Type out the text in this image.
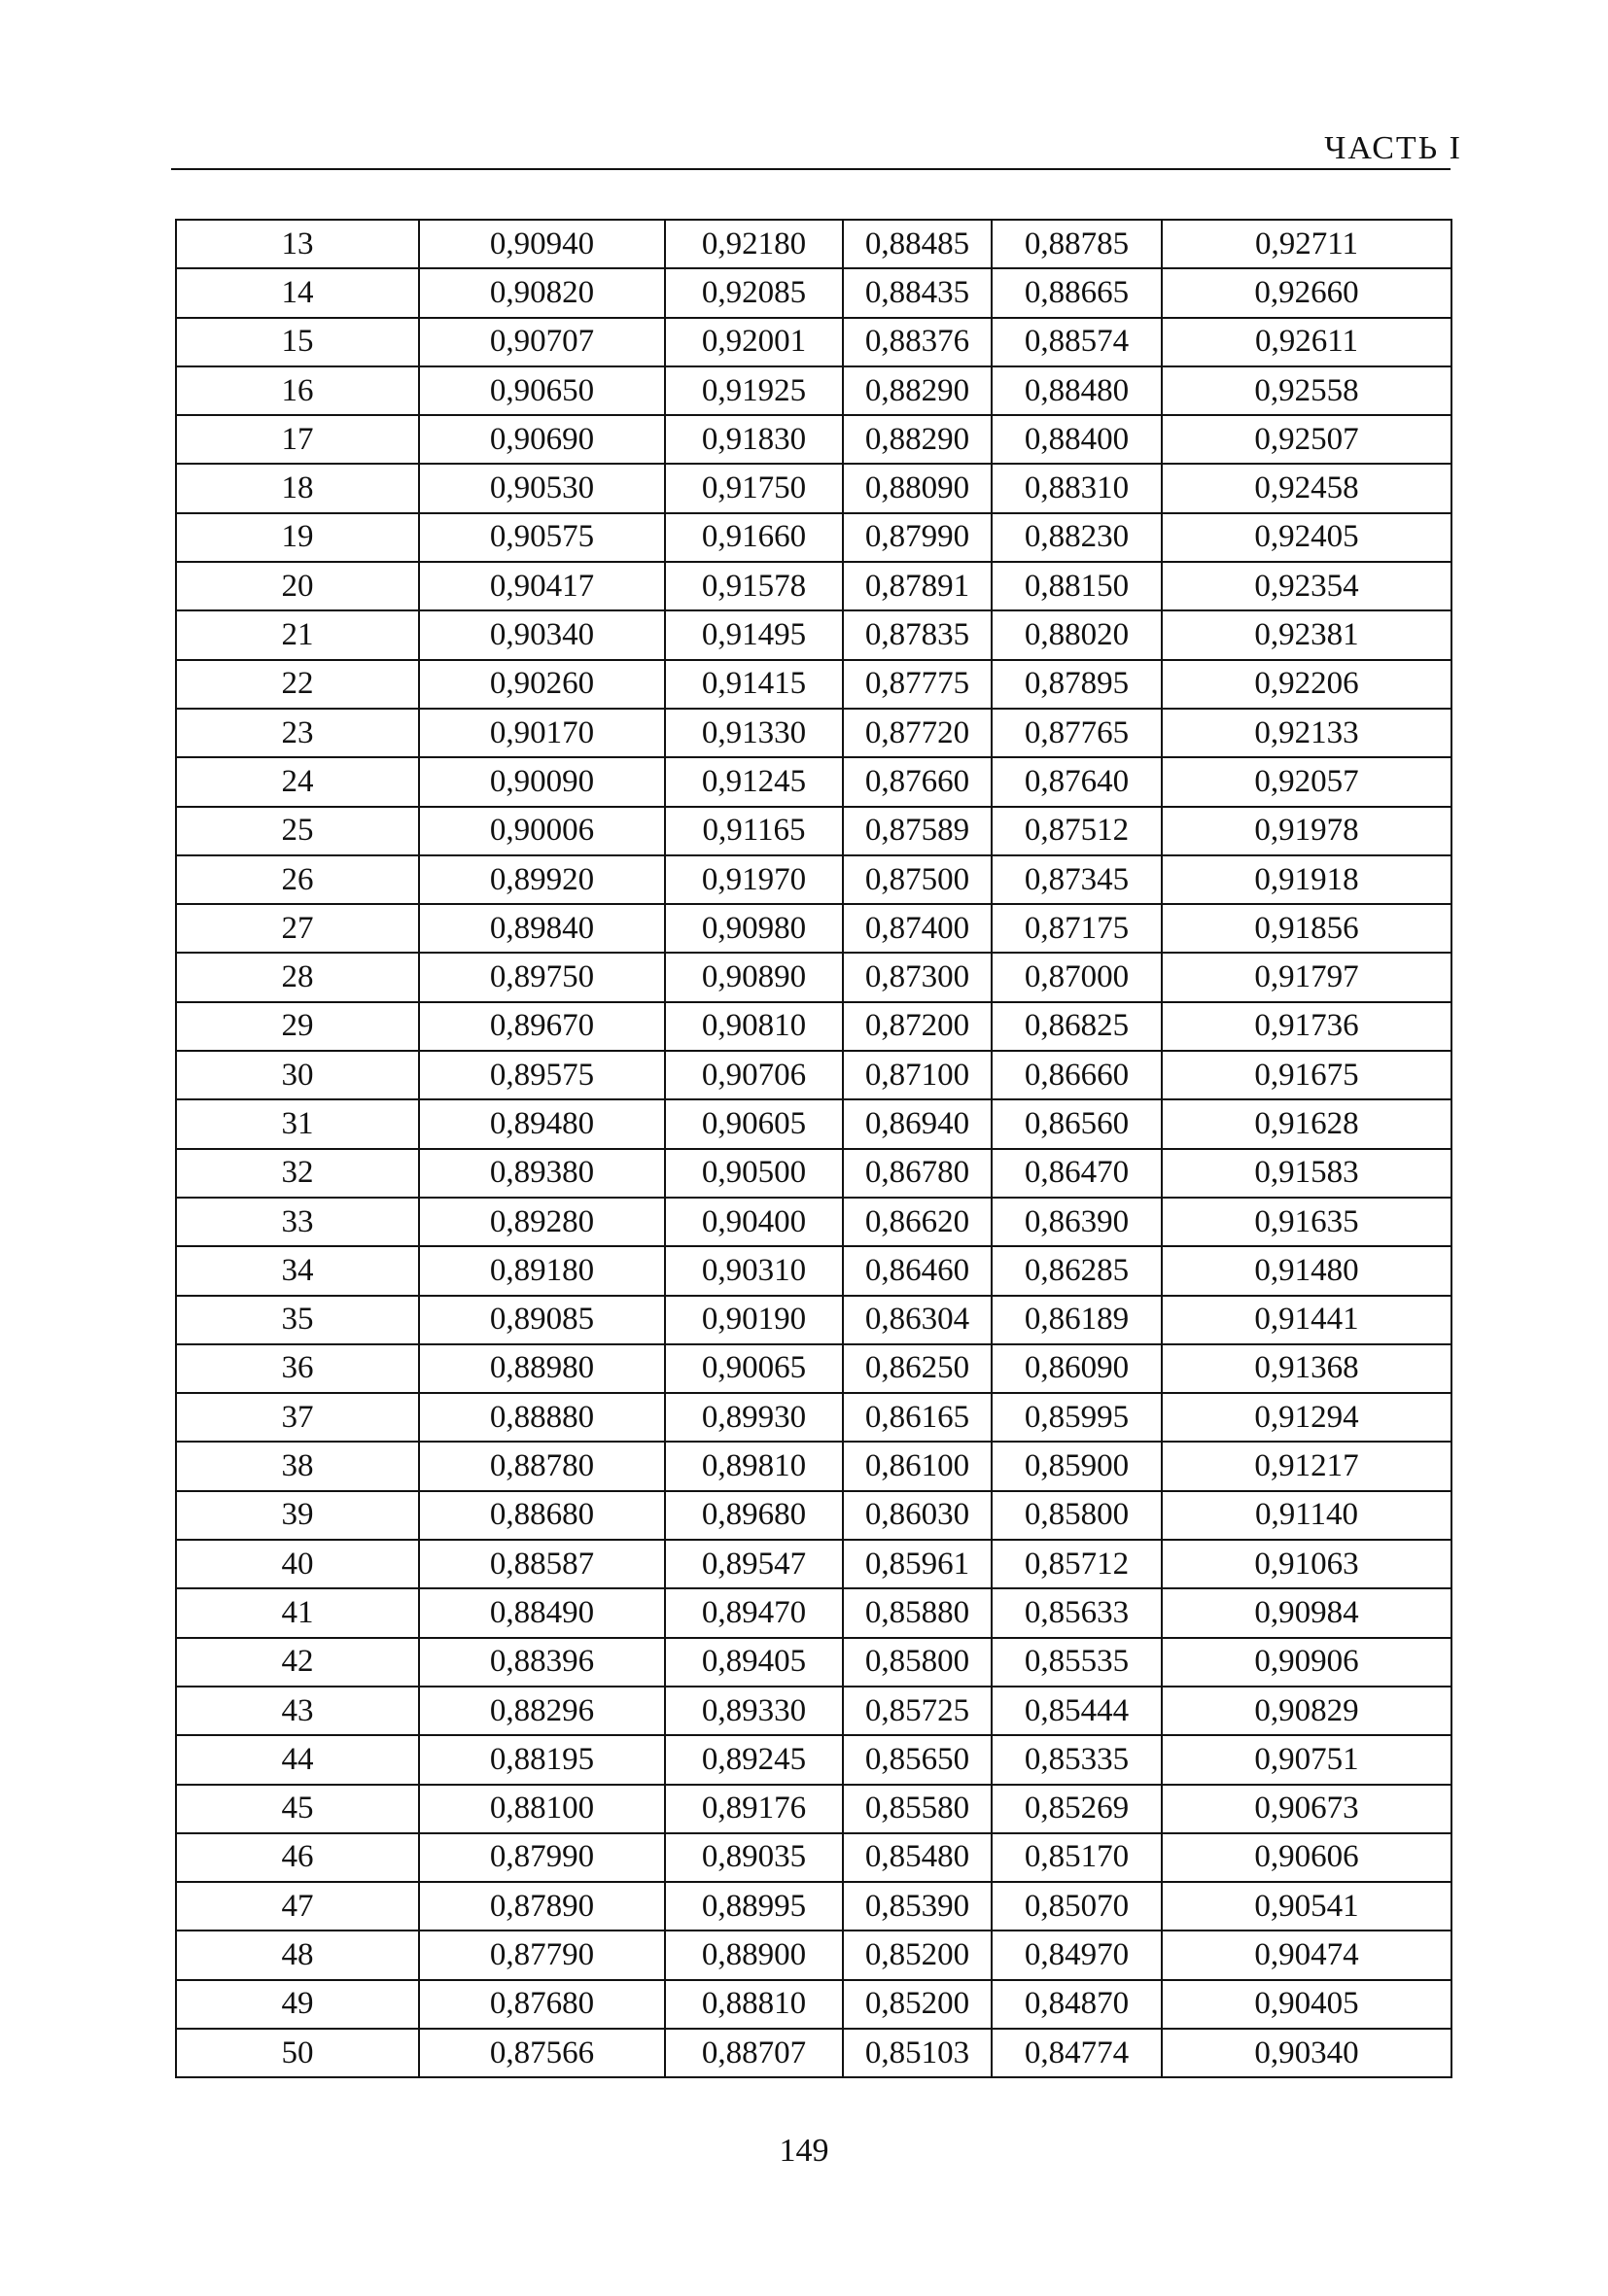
ЧАСТЬ I
13	0,90940	0,92180	0,88485	0,88785	0,92711
14	0,90820	0,92085	0,88435	0,88665	0,92660
15	0,90707	0,92001	0,88376	0,88574	0,92611
16	0,90650	0,91925	0,88290	0,88480	0,92558
17	0,90690	0,91830	0,88290	0,88400	0,92507
18	0,90530	0,91750	0,88090	0,88310	0,92458
19	0,90575	0,91660	0,87990	0,88230	0,92405
20	0,90417	0,91578	0,87891	0,88150	0,92354
21	0,90340	0,91495	0,87835	0,88020	0,92381
22	0,90260	0,91415	0,87775	0,87895	0,92206
23	0,90170	0,91330	0,87720	0,87765	0,92133
24	0,90090	0,91245	0,87660	0,87640	0,92057
25	0,90006	0,91165	0,87589	0,87512	0,91978
26	0,89920	0,91970	0,87500	0,87345	0,91918
27	0,89840	0,90980	0,87400	0,87175	0,91856
28	0,89750	0,90890	0,87300	0,87000	0,91797
29	0,89670	0,90810	0,87200	0,86825	0,91736
30	0,89575	0,90706	0,87100	0,86660	0,91675
31	0,89480	0,90605	0,86940	0,86560	0,91628
32	0,89380	0,90500	0,86780	0,86470	0,91583
33	0,89280	0,90400	0,86620	0,86390	0,91635
34	0,89180	0,90310	0,86460	0,86285	0,91480
35	0,89085	0,90190	0,86304	0,86189	0,91441
36	0,88980	0,90065	0,86250	0,86090	0,91368
37	0,88880	0,89930	0,86165	0,85995	0,91294
38	0,88780	0,89810	0,86100	0,85900	0,91217
39	0,88680	0,89680	0,86030	0,85800	0,91140
40	0,88587	0,89547	0,85961	0,85712	0,91063
41	0,88490	0,89470	0,85880	0,85633	0,90984
42	0,88396	0,89405	0,85800	0,85535	0,90906
43	0,88296	0,89330	0,85725	0,85444	0,90829
44	0,88195	0,89245	0,85650	0,85335	0,90751
45	0,88100	0,89176	0,85580	0,85269	0,90673
46	0,87990	0,89035	0,85480	0,85170	0,90606
47	0,87890	0,88995	0,85390	0,85070	0,90541
48	0,87790	0,88900	0,85200	0,84970	0,90474
49	0,87680	0,88810	0,85200	0,84870	0,90405
50	0,87566	0,88707	0,85103	0,84774	0,90340
149
